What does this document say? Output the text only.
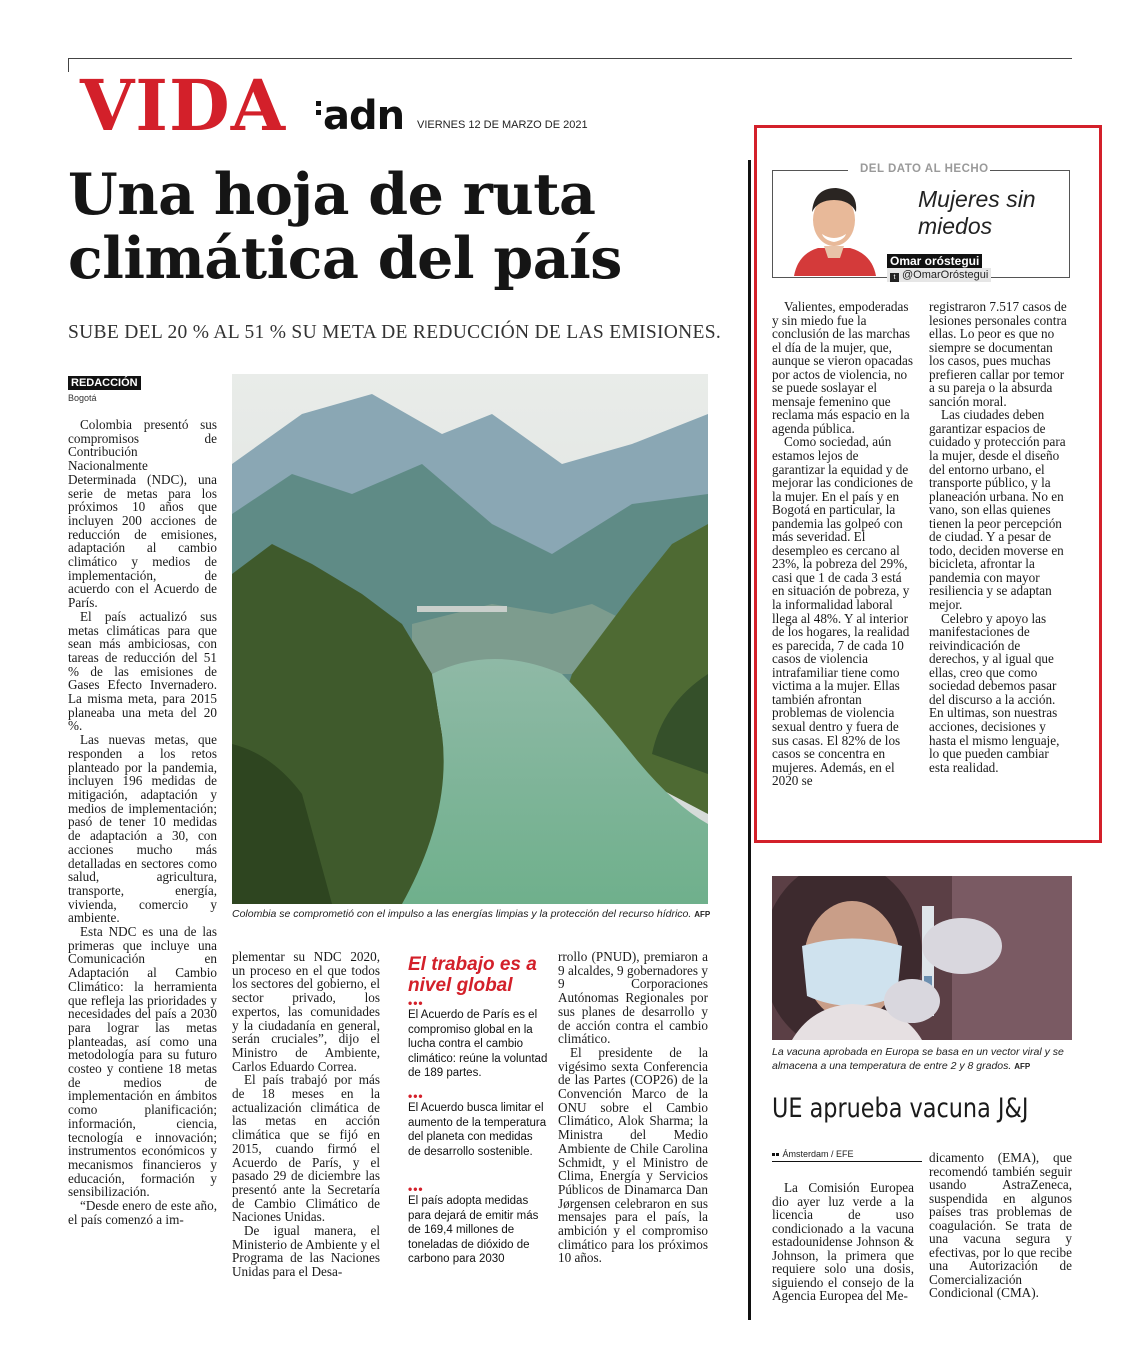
VIDA adn VIERNES 12 DE MARZO DE 2021
Una hoja de ruta
climática del país
SUBE DEL 20 % AL 51 % SU META DE REDUCCIÓN DE LAS EMISIONES.
REDACCIÓN
Bogotá

Colombia presentó sus compromisos de Contribución Nacionalmente Determinada (NDC), una serie de metas para los próximos 10 años que incluyen 200 acciones de reducción de emisiones, adaptación al cambio climático y medios de implementación, de acuerdo con el Acuerdo de París.

El país actualizó sus metas climáticas para que sean más ambiciosas, con tareas de reducción del 51 % de las emisiones de Gases Efecto Invernadero. La misma meta, para 2015 planeaba una meta del 20 %.

Las nuevas metas, que responden a los retos planteado por la pandemia, incluyen 196 medidas de mitigación, adaptación y medios de implementación; pasó de tener 10 medidas de adaptación a 30, con acciones mucho más detalladas en sectores como salud, agricultura, transporte, energía, vivienda, comercio y ambiente.

Esta NDC es una de las primeras que incluye una Comunicación en Adaptación al Cambio Climático: la herramienta que refleja las prioridades y necesidades del país a 2030 para lograr las metas planteadas, así como una metodología para su futuro costeo y contiene 18 metas de medios de implementación en ámbitos como planificación; información, ciencia, tecnología e innovación; instrumentos económicos y mecanismos financieros y educación, formación y sensibilización.

“Desde enero de este año, el país comenzó a im-

Colombia se comprometió con el impulso a las energías limpias y la protección del recurso hídrico. AFP

plementar su NDC 2020, un proceso en el que todos los sectores del gobierno, el sector privado, los expertos, las comunidades y la ciudadanía en general, serán cruciales”, dijo el Ministro de Ambiente, Carlos Eduardo Correa.

El país trabajó por más de 18 meses en la actualización climática de las metas en acción climática que se fijó en 2015, cuando firmó el Acuerdo de París, y el pasado 29 de diciembre las presentó ante la Secretaría de Cambio Climático de Naciones Unidas.

De igual manera, el Ministerio de Ambiente y el Programa de las Naciones Unidas para el Desa-

El trabajo es a nivel global
•••
El Acuerdo de París es el compromiso global en la lucha contra el cambio climático: reúne la voluntad de 189 partes.
•••
El Acuerdo busca limitar el aumento de la temperatura del planeta con medidas de desarrollo sostenible.
•••
El país adopta medidas para dejará de emitir más de 169,4 millones de toneladas de dióxido de carbono para 2030

rrollo (PNUD), premiaron a 9 alcaldes, 9 gobernadores y 9 Corporaciones Autónomas Regionales por sus planes de desarrollo y de acción contra el cambio climático.

El presidente de la vigésimo sexta Conferencia de las Partes (COP26) de la Convención Marco de la ONU sobre el Cambio Climático, Alok Sharma; la Ministra del Medio Ambiente de Chile Carolina Schmidt, y el Ministro de Clima, Energía y Servicios Públicos de Dinamarca Dan Jørgensen celebraron en sus mensajes para el país, la ambición y el compromiso climático para los próximos 10 años.

DEL DATO AL HECHO
Mujeres sin miedos
Omar oróstegui
t @OmarOróstegui

Valientes, empoderadas y sin miedo fue la conclusión de las marchas el día de la mujer, que, aunque se vieron opacadas por actos de violencia, no se puede soslayar el mensaje femenino que reclama más espacio en la agenda pública.

Como sociedad, aún estamos lejos de garantizar la equidad y de mejorar las condiciones de la mujer. En el país y en Bogotá en particular, la pandemia las golpeó con más severidad. El desempleo es cercano al 23%, la pobreza del 29%, casi que 1 de cada 3 está en situación de pobreza, y la informalidad laboral llega al 48%. Y al interior de los hogares, la realidad es parecida, 7 de cada 10 casos de violencia intrafamiliar tiene como victima a la mujer. Ellas también afrontan problemas de violencia sexual dentro y fuera de sus casas. El 82% de los casos se concentra en mujeres. Además, en el 2020 se

registraron 7.517 casos de lesiones personales contra ellas. Lo peor es que no siempre se documentan los casos, pues muchas prefieren callar por temor a su pareja o la absurda sanción moral.

Las ciudades deben garantizar espacios de cuidado y protección para la mujer, desde el diseño del entorno urbano, el transporte público, y la planeación urbana. No en vano, son ellas quienes tienen la peor percepción de ciudad. Y a pesar de todo, deciden moverse en bicicleta, afrontar la pandemia con mayor resiliencia y se adaptan mejor.

Celebro y apoyo las manifestaciones de reivindicación de derechos, y al igual que ellas, creo que como sociedad debemos pasar del discurso a la acción. En ultimas, son nuestras acciones, decisiones y hasta el mismo lenguaje, lo que pueden cambiar esta realidad.

La vacuna aprobada en Europa se basa en un vector viral y se almacena a una temperatura de entre 2 y 8 grados. AFP
UE aprueba vacuna J&J
Ámsterdam / EFE

La Comisión Europea dio ayer luz verde a la licencia de uso condicionado a la vacuna estadounidense Johnson & Johnson, la primera que requiere solo una dosis, siguiendo el consejo de la Agencia Europea del Me-

dicamento (EMA), que recomendó también seguir usando AstraZeneca, suspendida en algunos países tras problemas de coagulación. Se trata de una vacuna segura y efectivas, por lo que recibe una Autorización de Comercialización Condicional (CMA).
